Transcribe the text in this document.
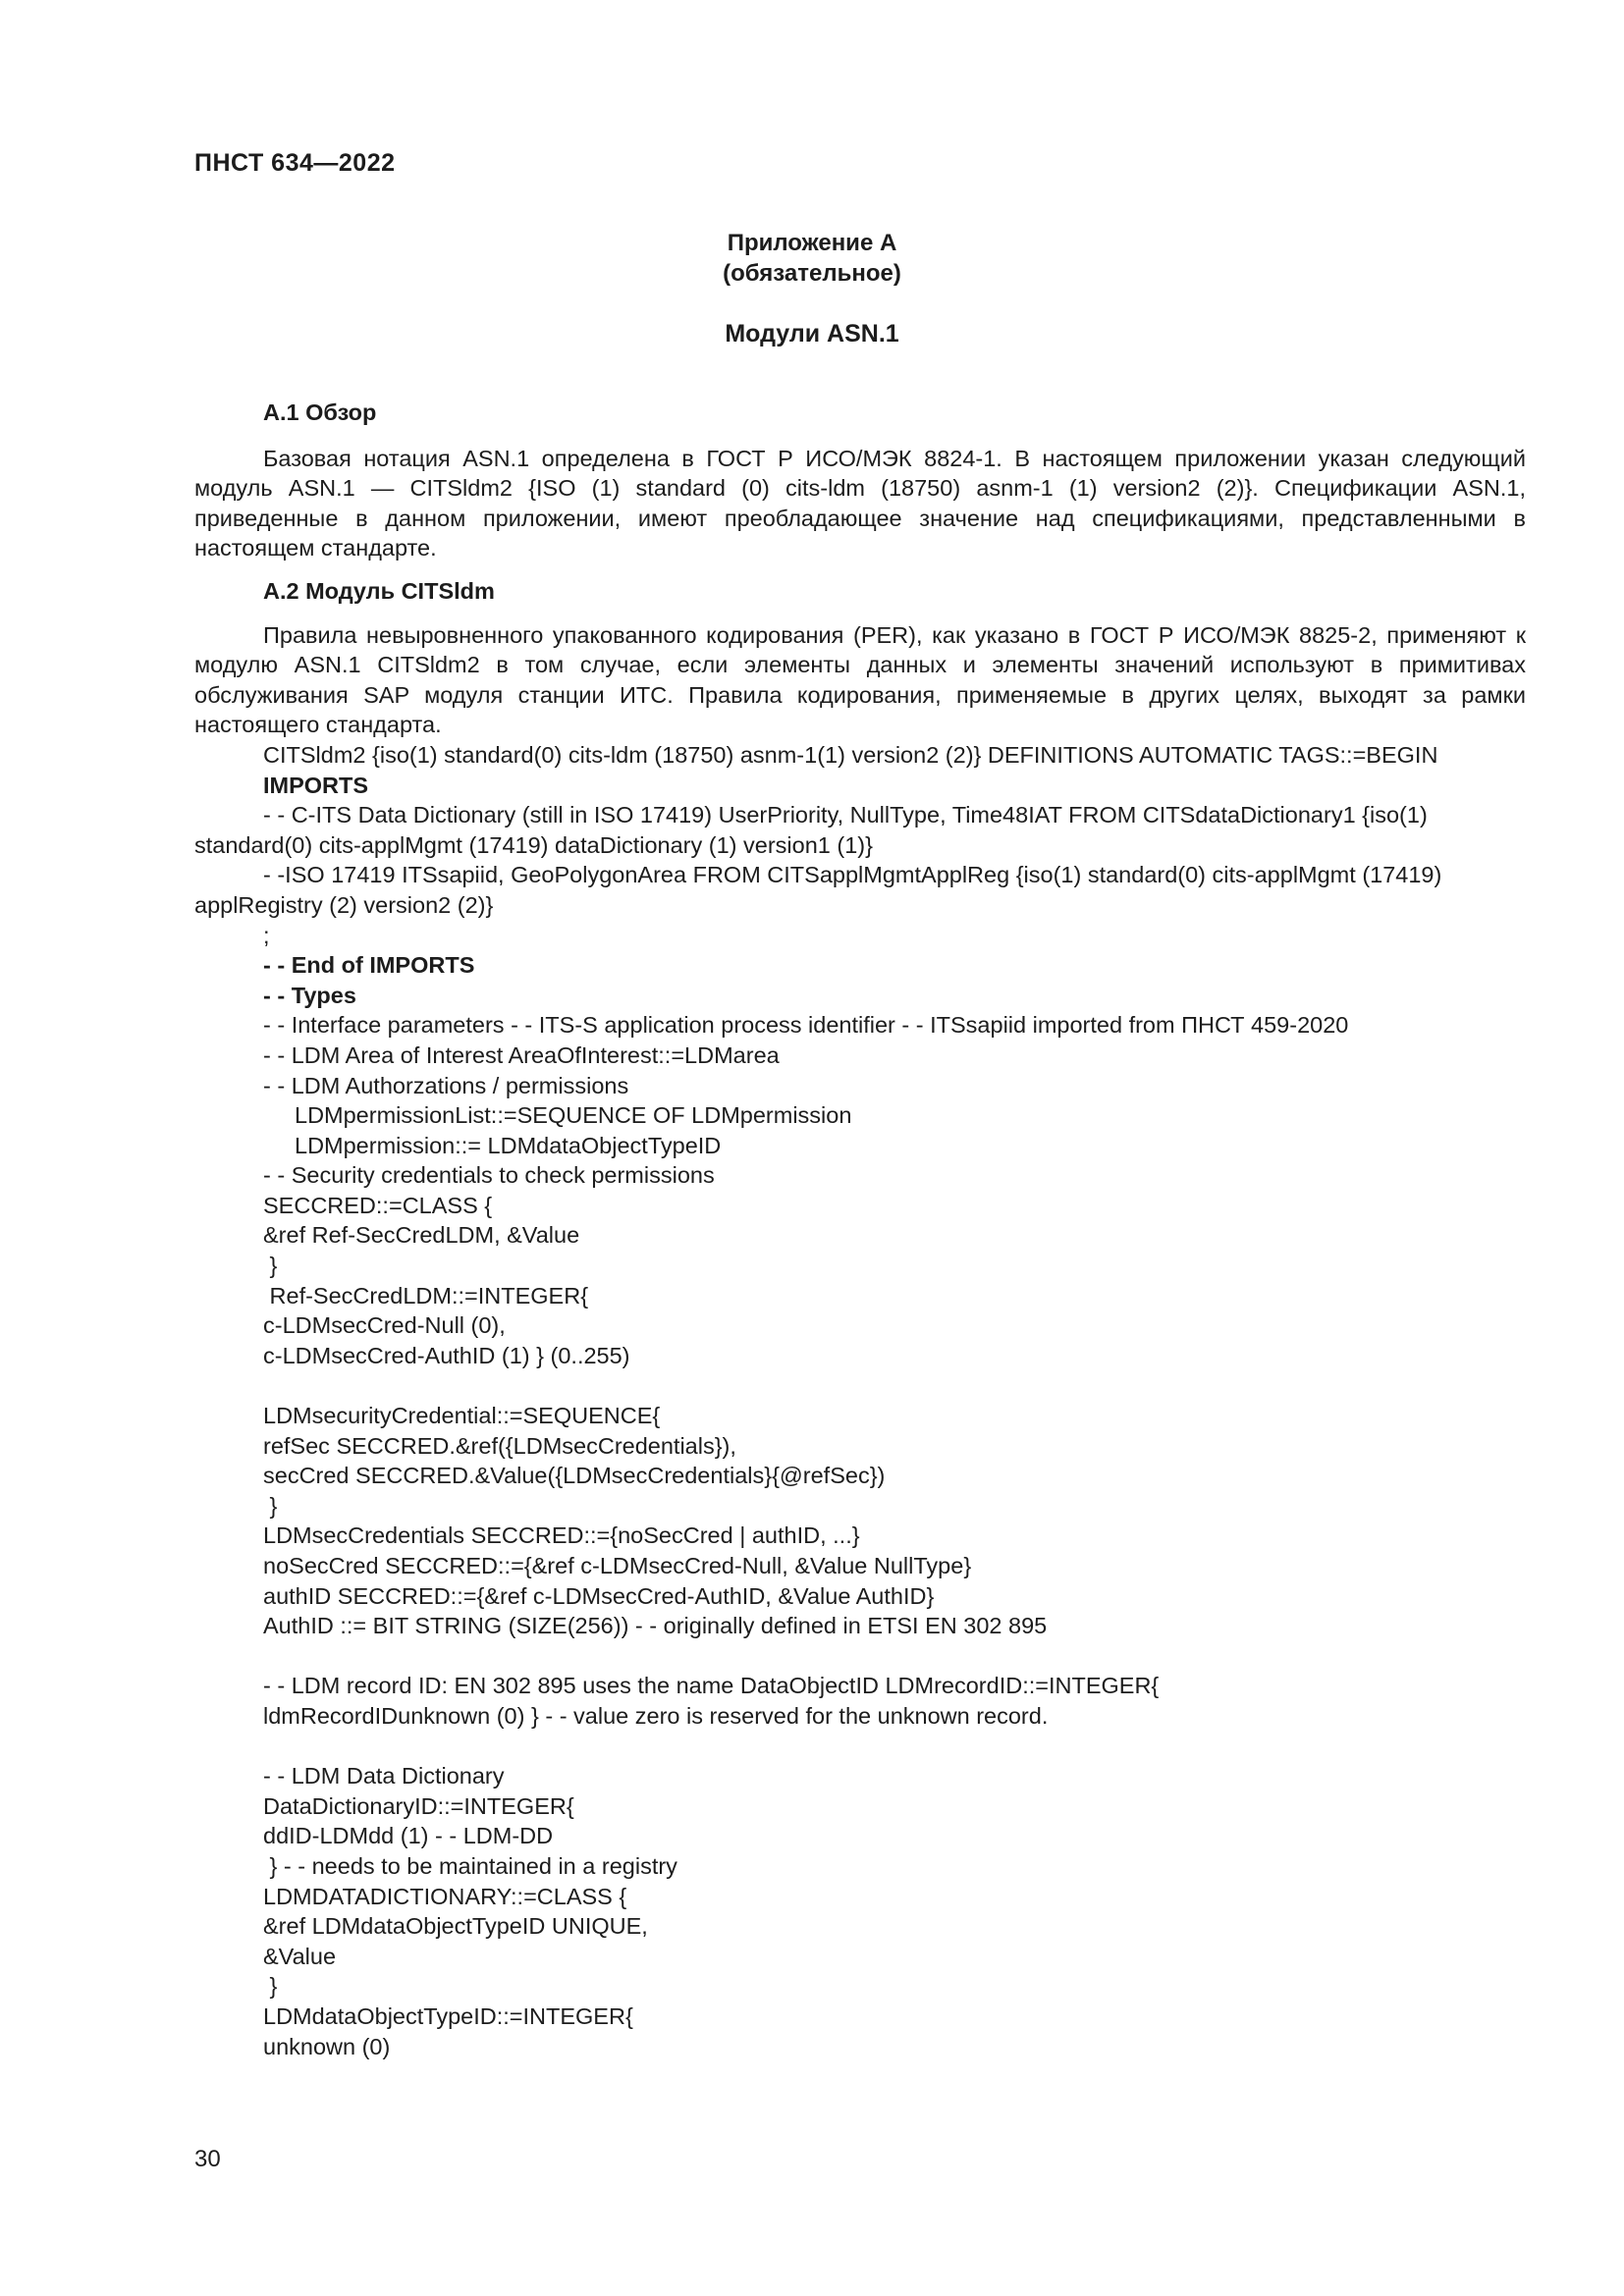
ПНСТ 634—2022
Приложение А
(обязательное)
Модули ASN.1
А.1 Обзор

Базовая нотация ASN.1 определена в ГОСТ Р ИСО/МЭК 8824-1. В настоящем приложении указан следующий модуль ASN.1 — CITSldm2 {ISO (1) standard (0) cits-ldm (18750) asnm-1 (1) version2 (2)}. Спецификации ASN.1, приведенные в данном приложении, имеют преобладающее значение над спецификациями, представленными в настоящем стандарте.

А.2 Модуль CITSldm

Правила невыровненного упакованного кодирования (PER), как указано в ГОСТ Р ИСО/МЭК 8825-2, применяют к модулю ASN.1 CITSldm2 в том случае, если элементы данных и элементы значений используют в примитивах обслуживания SAP модуля станции ИТС. Правила кодирования, применяемые в других целях, выходят за рамки настоящего стандарта.

CITSldm2 {iso(1) standard(0) cits-ldm (18750) asnm-1(1) version2 (2)} DEFINITIONS AUTOMATIC TAGS::=BEGIN

IMPORTS

- - C-ITS Data Dictionary (still in ISO 17419) UserPriority, NullType, Time48IAT FROM CITSdataDictionary1 {iso(1) standard(0) cits-applMgmt (17419) dataDictionary (1) version1 (1)}

- -ISO 17419 ITSsapiid, GeoPolygonArea FROM CITSapplMgmtApplReg {iso(1) standard(0) cits-applMgmt (17419) applRegistry (2) version2 (2)}

;

- - End of IMPORTS

- - Types

- - Interface parameters - - ITS-S application process identifier - - ITSsapiid imported from ПНСТ 459-2020

- - LDM Area of Interest AreaOfInterest::=LDMarea

- - LDM Authorzations / permissions

LDMpermissionList::=SEQUENCE OF LDMpermission

LDMpermission::= LDMdataObjectTypeID

- - Security credentials to check permissions

SECCRED::=CLASS {

&ref Ref-SecCredLDM, &Value

}

Ref-SecCredLDM::=INTEGER{

c-LDMsecCred-Null (0),

c-LDMsecCred-AuthID (1) } (0..255)

LDMsecurityCredential::=SEQUENCE{

refSec SECCRED.&ref({LDMsecCredentials}),

secCred SECCRED.&Value({LDMsecCredentials}{@refSec})

}

LDMsecCredentials SECCRED::={noSecCred | authID, ...}

noSecCred SECCRED::={&ref c-LDMsecCred-Null, &Value NullType}

authID SECCRED::={&ref c-LDMsecCred-AuthID, &Value AuthID}

AuthID ::= BIT STRING (SIZE(256)) - - originally defined in ETSI EN 302 895

- - LDM record ID: EN 302 895 uses the name DataObjectID LDMrecordID::=INTEGER{

ldmRecordIDunknown (0) } - - value zero is reserved for the unknown record.

- - LDM Data Dictionary

DataDictionaryID::=INTEGER{

ddID-LDMdd (1) - - LDM-DD

} - - needs to be maintained in a registry

LDMDATADICTIONARY::=CLASS {

&ref LDMdataObjectTypeID UNIQUE,

&Value

}

LDMdataObjectTypeID::=INTEGER{

unknown (0)

30
